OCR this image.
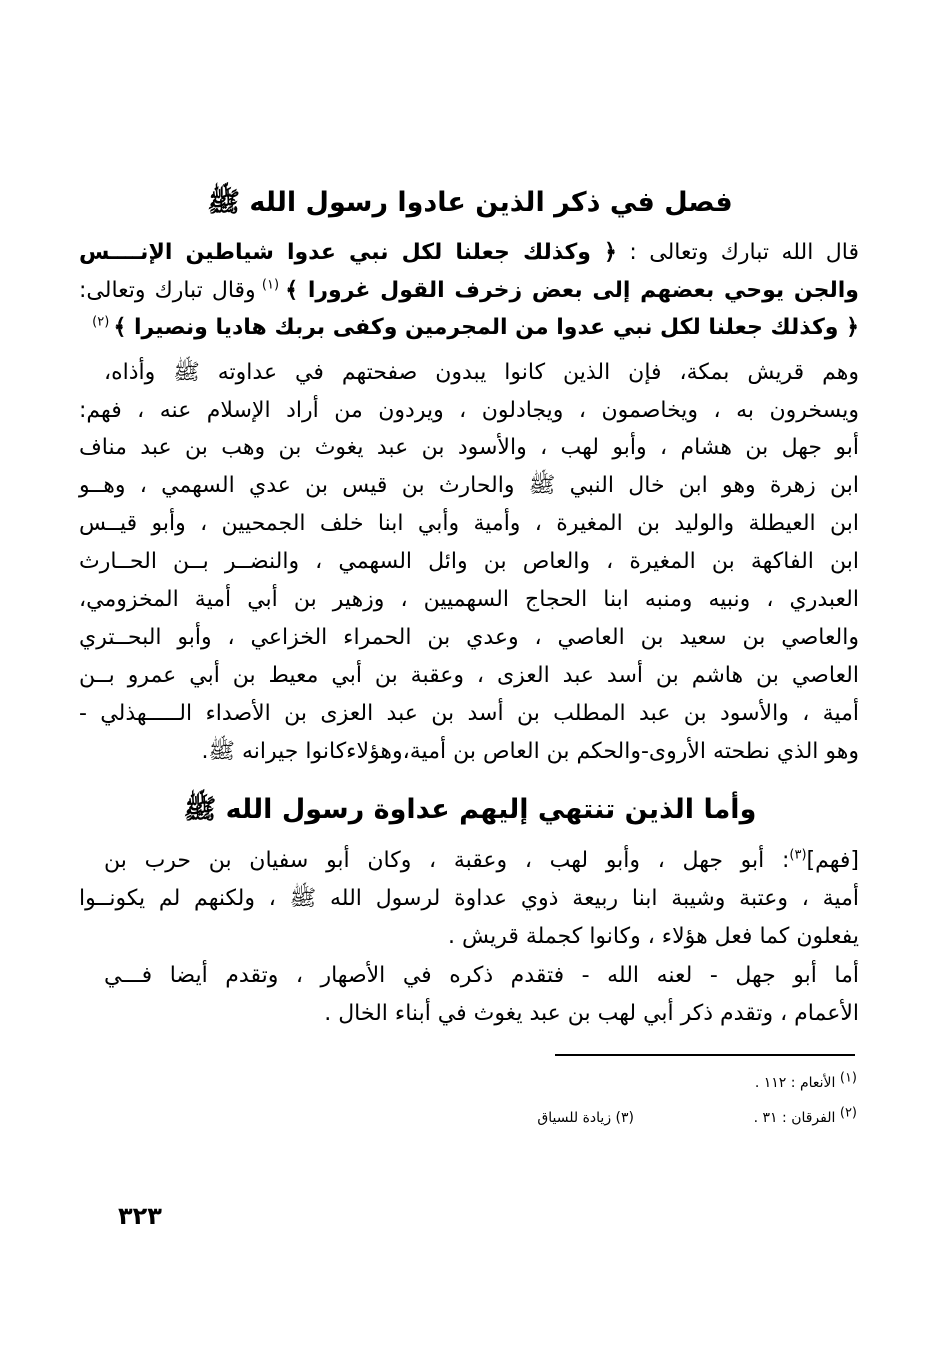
فصل في ذكر الذين عادوا رسول الله ﷺ
قال الله تبارك وتعالى : ﴿ وكذلك جعلنا لكل نبي عدوا شياطين الإنــــس
والجن يوحي بعضهم إلى بعض زخرف القول غرورا ﴾ $^{(١)}$ وقال تبارك وتعالى:
﴿ وكذلك جعلنا لكل نبي عدوا من المجرمين وكفى بربك هاديا ونصيرا ﴾ $^{(٢)}$
وهم قريش بمكة، فإن الذين كانوا يبدون صفحتهم في عداوته ﷺ وأذاه،
ويسخرون به ، ويخاصمون ، ويجادلون ، ويردون من أراد الإسلام عنه ، فهم:
أبو جهل بن هشام ، وأبو لهب ، والأسود بن عبد يغوث بن وهب بن عبد مناف
ابن زهرة وهو ابن خال النبي ﷺ والحارث بن قيس بن عدي السهمي ، وهــو
ابن العيطلة والوليد بن المغيرة ، وأمية وأبي ابنا خلف الجمحيين ، وأبو قيــس
ابن الفاكهة بن المغيرة ، والعاص بن وائل السهمي ، والنضــر بــن الحــارث
العبدري ، ونبيه ومنبه ابنا الحجاج السهميين ، وزهير بن أبي أمية المخزومي،
والعاصي بن سعيد بن العاصي ، وعدي بن الحمراء الخزاعي ، وأبو البحــتري
العاصي بن هاشم بن أسد عبد العزى ، وعقبة بن أبي معيط بن أبي عمرو بــن
أمية ، والأسود بن عبد المطلب بن أسد بن عبد العزى بن الأصداء الـــــهذلي -
وهو الذي نطحته الأروى-والحكم بن العاص بن أمية،وهؤلاءكانوا جيرانه ﷺ.
وأما الذين تنتهي إليهم عداوة رسول الله ﷺ
[فهم]$^{(٣)}$: أبو جهل ، وأبو لهب ، وعقبة ، وكان أبو سفيان بن حرب بن
أمية ، وعتبة وشيبة ابنا ربيعة ذوي عداوة لرسول الله ﷺ ، ولكنهم لم يكونــوا
يفعلون كما فعل هؤلاء ، وكانوا كجملة قريش .
أما أبو جهل - لعنه الله - فتقدم ذكره في الأصهار ، وتقدم أيضا فـــي
الأعمام ، وتقدم ذكر أبي لهب بن عبد يغوث في أبناء الخال .
(١) الأنعام : ١١٢ .
(٢) الفرقان : ٣١ .
(٣) زيادة للسياق
٣٢٣
